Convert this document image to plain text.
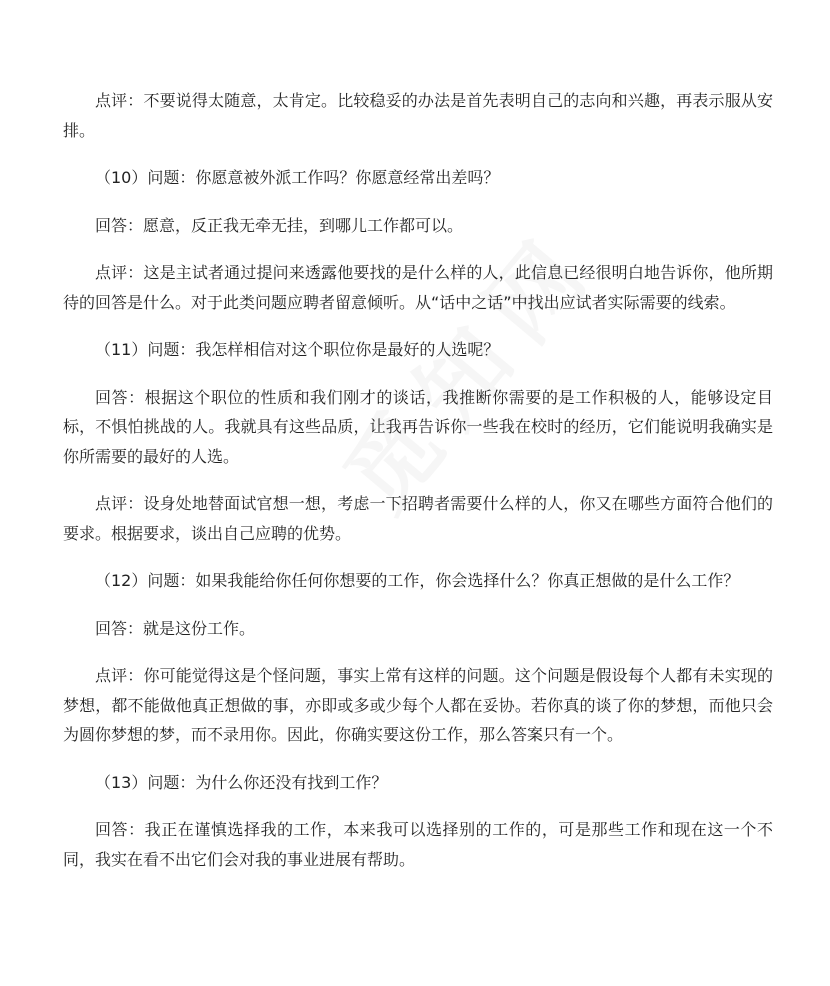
点评：不要说得太随意，太肯定。比较稳妥的办法是首先表明自己的志向和兴趣，再表示服从安排。

（10）问题：你愿意被外派工作吗？你愿意经常出差吗？

回答：愿意，反正我无牵无挂，到哪儿工作都可以。

点评：这是主试者通过提问来透露他要找的是什么样的人，此信息已经很明白地告诉你，他所期待的回答是什么。对于此类问题应聘者留意倾听。从“话中之话”中找出应试者实际需要的线索。

（11）问题：我怎样相信对这个职位你是最好的人选呢？

回答：根据这个职位的性质和我们刚才的谈话，我推断你需要的是工作积极的人，能够设定目标，不惧怕挑战的人。我就具有这些品质，让我再告诉你一些我在校时的经历，它们能说明我确实是你所需要的最好的人选。

点评：设身处地替面试官想一想，考虑一下招聘者需要什么样的人，你又在哪些方面符合他们的要求。根据要求，谈出自己应聘的优势。

（12）问题：如果我能给你任何你想要的工作，你会选择什么？你真正想做的是什么工作？

回答：就是这份工作。

点评：你可能觉得这是个怪问题，事实上常有这样的问题。这个问题是假设每个人都有未实现的梦想，都不能做他真正想做的事，亦即或多或少每个人都在妥协。若你真的谈了你的梦想，而他只会为圆你梦想的梦，而不录用你。因此，你确实要这份工作，那么答案只有一个。

（13）问题：为什么你还没有找到工作？

回答：我正在谨慎选择我的工作，本来我可以选择别的工作的，可是那些工作和现在这一个不同，我实在看不出它们会对我的事业进展有帮助。
